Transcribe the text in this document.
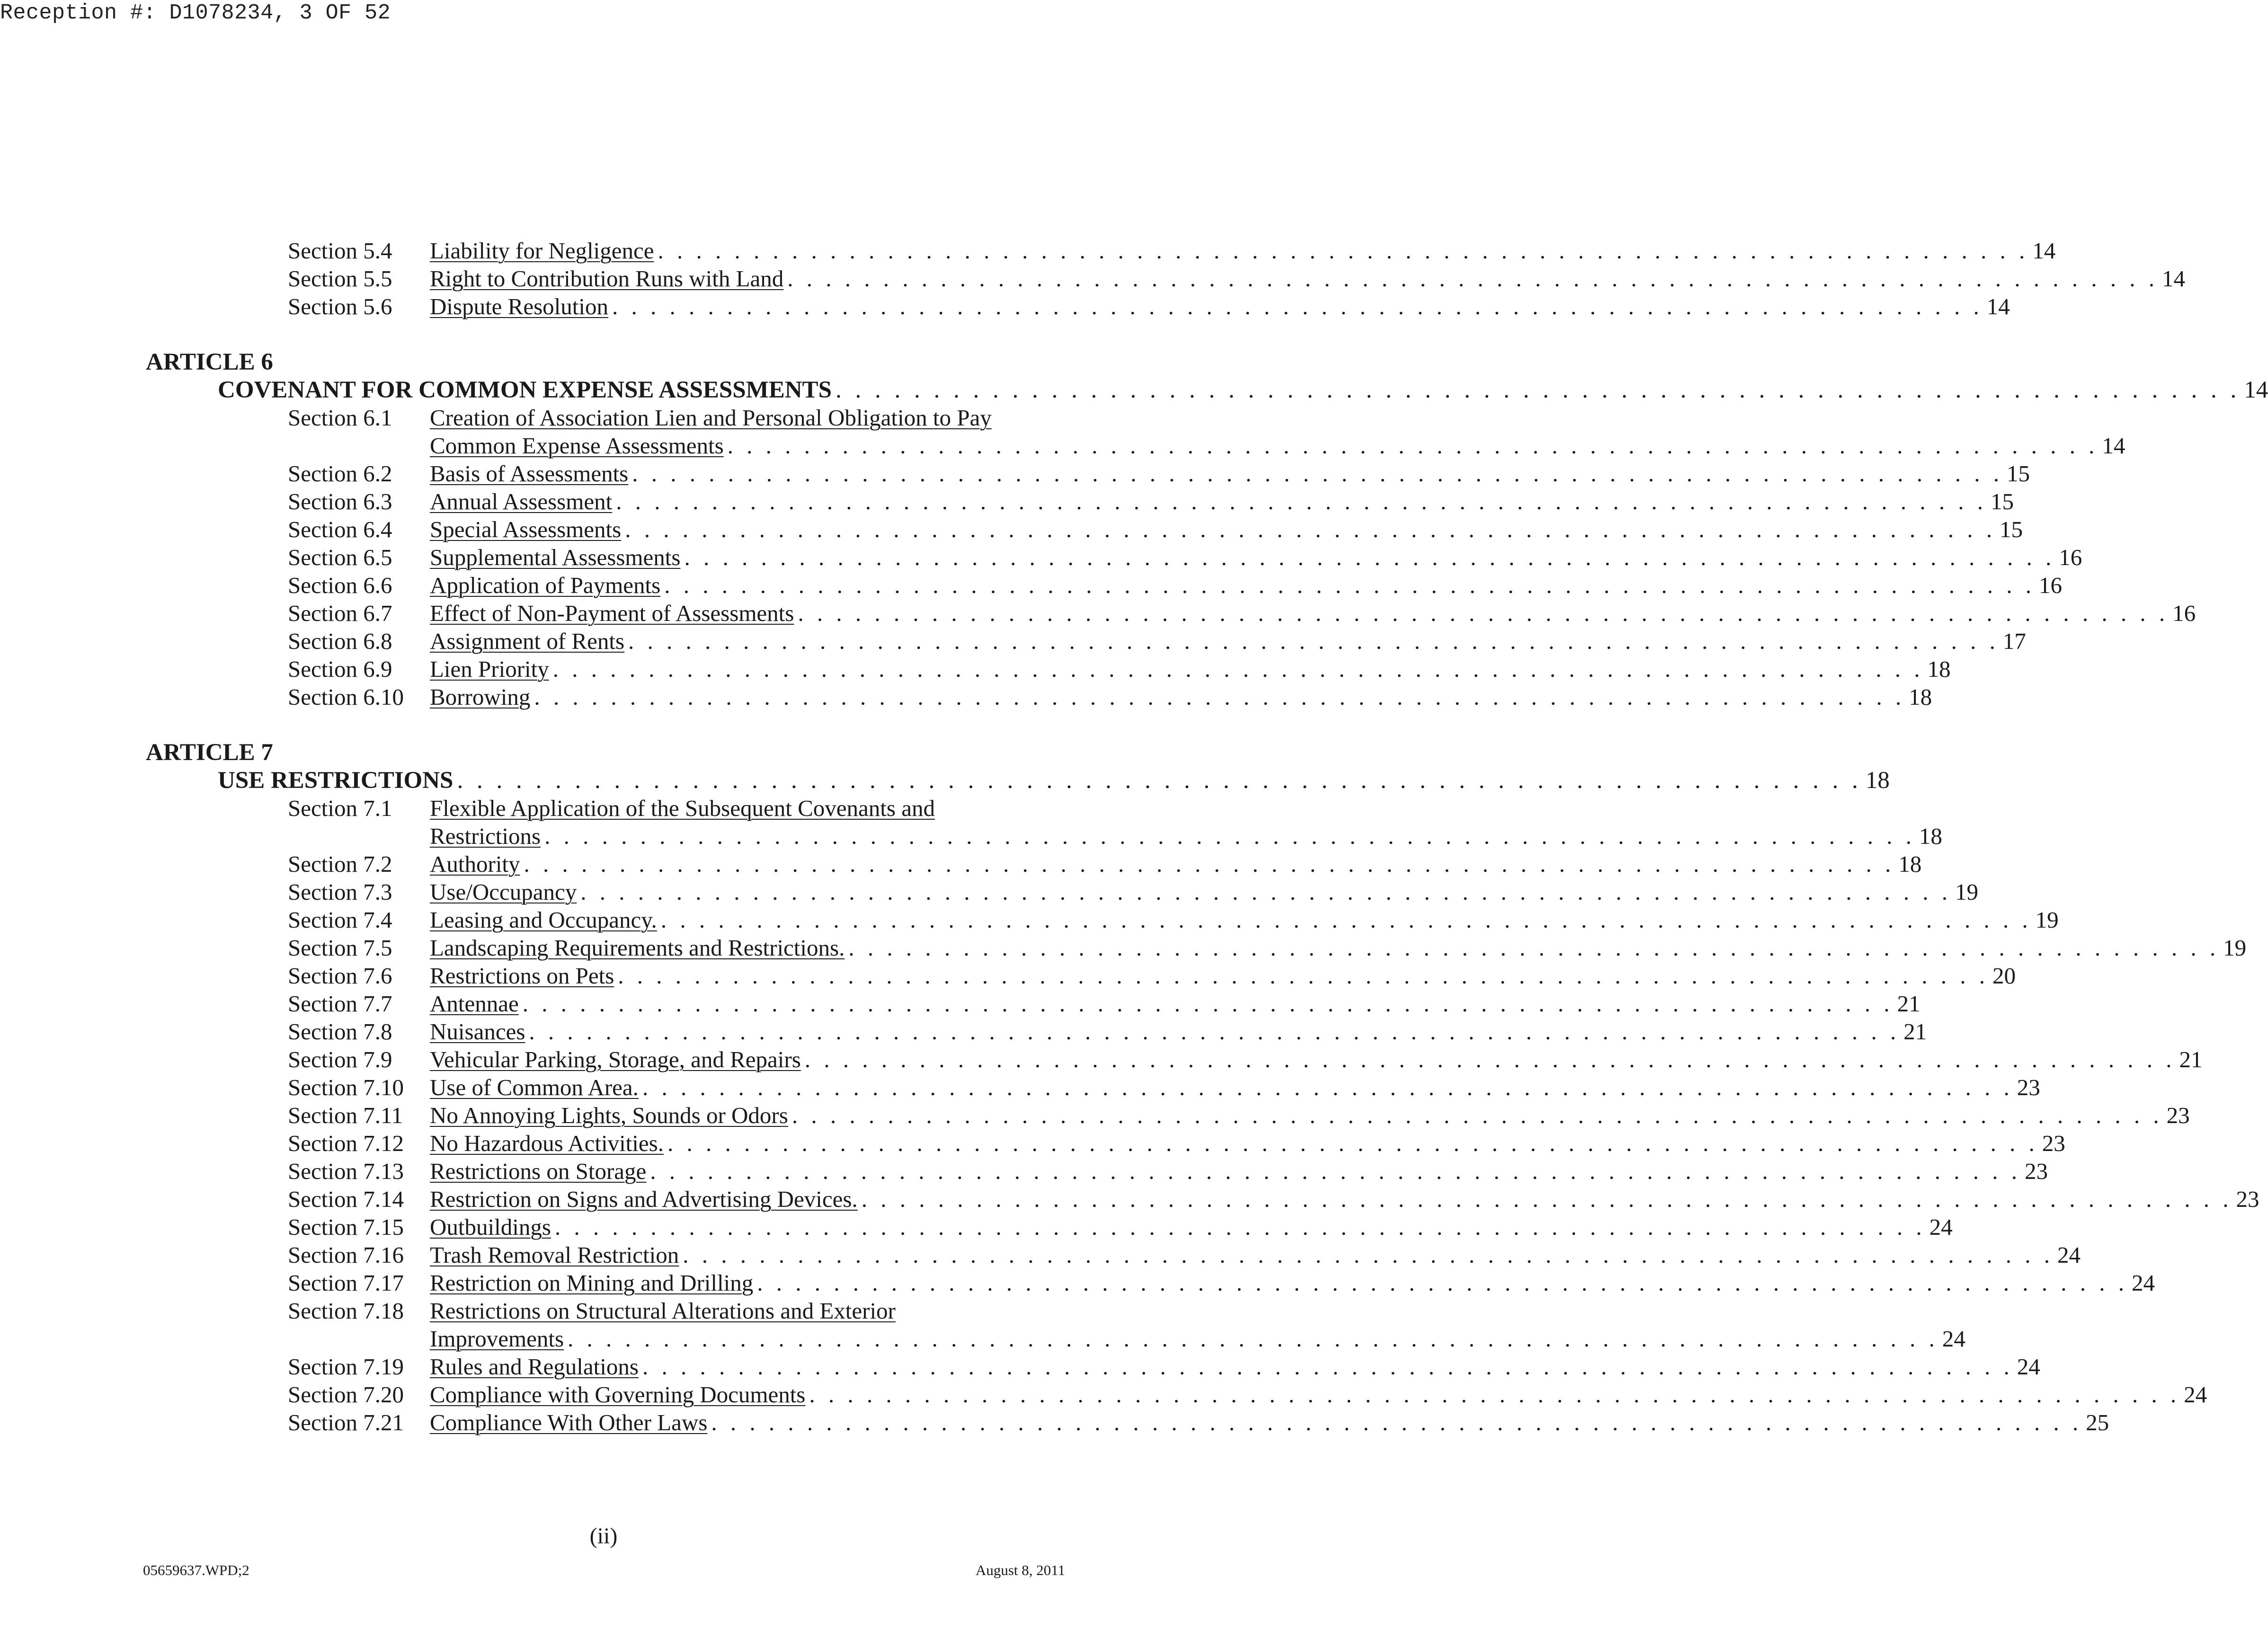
Reception #: D1078234, 3 OF 52
Section 5.4 Liability for Negligence . . . . . . . . . . . . . . . . . . . . . . . . . . . . . . . . . . . . . . . . . . . . . . . . . . . . . . . . . . . . . . . . . . . . . . . . 14
Section 5.5 Right to Contribution Runs with Land . . . . . . . . . . . . . . . . . . . . . . . . . . . . . . . . . . . . . . . . . . . . . . . . . . . . . . . . . . . . . . . . . . . . . . . . 14
Section 5.6 Dispute Resolution . . . . . . . . . . . . . . . . . . . . . . . . . . . . . . . . . . . . . . . . . . . . . . . . . . . . . . . . . . . . . . . . . . . . . . . . 14
ARTICLE 6
COVENANT FOR COMMON EXPENSE ASSESSMENTS . . . . . . . . . . . . . . . . . . . . . . . . . . . . . . . . . . . . . . . . . . . . . . . . . . . . . . . . . . . . . . . . . . . . . . . . 14
Section 6.1 Creation of Association Lien and Personal Obligation to Pay
Common Expense Assessments . . . . . . . . . . . . . . . . . . . . . . . . . . . . . . . . . . . . . . . . . . . . . . . . . . . . . . . . . . . . . . . . . . . . . . . . 14
Section 6.2 Basis of Assessments . . . . . . . . . . . . . . . . . . . . . . . . . . . . . . . . . . . . . . . . . . . . . . . . . . . . . . . . . . . . . . . . . . . . . . . . 15
Section 6.3 Annual Assessment . . . . . . . . . . . . . . . . . . . . . . . . . . . . . . . . . . . . . . . . . . . . . . . . . . . . . . . . . . . . . . . . . . . . . . . . 15
Section 6.4 Special Assessments . . . . . . . . . . . . . . . . . . . . . . . . . . . . . . . . . . . . . . . . . . . . . . . . . . . . . . . . . . . . . . . . . . . . . . . . 15
Section 6.5 Supplemental Assessments . . . . . . . . . . . . . . . . . . . . . . . . . . . . . . . . . . . . . . . . . . . . . . . . . . . . . . . . . . . . . . . . . . . . . . . . 16
Section 6.6 Application of Payments . . . . . . . . . . . . . . . . . . . . . . . . . . . . . . . . . . . . . . . . . . . . . . . . . . . . . . . . . . . . . . . . . . . . . . . . 16
Section 6.7 Effect of Non-Payment of Assessments . . . . . . . . . . . . . . . . . . . . . . . . . . . . . . . . . . . . . . . . . . . . . . . . . . . . . . . . . . . . . . . . . . . . . . . . 16
Section 6.8 Assignment of Rents . . . . . . . . . . . . . . . . . . . . . . . . . . . . . . . . . . . . . . . . . . . . . . . . . . . . . . . . . . . . . . . . . . . . . . . . 17
Section 6.9 Lien Priority . . . . . . . . . . . . . . . . . . . . . . . . . . . . . . . . . . . . . . . . . . . . . . . . . . . . . . . . . . . . . . . . . . . . . . . . 18
Section 6.10 Borrowing . . . . . . . . . . . . . . . . . . . . . . . . . . . . . . . . . . . . . . . . . . . . . . . . . . . . . . . . . . . . . . . . . . . . . . . . 18
ARTICLE 7
USE RESTRICTIONS . . . . . . . . . . . . . . . . . . . . . . . . . . . . . . . . . . . . . . . . . . . . . . . . . . . . . . . . . . . . . . . . . . . . . . . . 18
Section 7.1 Flexible Application of the Subsequent Covenants and
Restrictions . . . . . . . . . . . . . . . . . . . . . . . . . . . . . . . . . . . . . . . . . . . . . . . . . . . . . . . . . . . . . . . . . . . . . . . . 18
Section 7.2 Authority . . . . . . . . . . . . . . . . . . . . . . . . . . . . . . . . . . . . . . . . . . . . . . . . . . . . . . . . . . . . . . . . . . . . . . . . 18
Section 7.3 Use/Occupancy . . . . . . . . . . . . . . . . . . . . . . . . . . . . . . . . . . . . . . . . . . . . . . . . . . . . . . . . . . . . . . . . . . . . . . . . 19
Section 7.4 Leasing and Occupancy. . . . . . . . . . . . . . . . . . . . . . . . . . . . . . . . . . . . . . . . . . . . . . . . . . . . . . . . . . . . . . . . . . . . . . . . . 19
Section 7.5 Landscaping Requirements and Restrictions. . . . . . . . . . . . . . . . . . . . . . . . . . . . . . . . . . . . . . . . . . . . . . . . . . . . . . . . . . . . . . . . . . . . . . . . . 19
Section 7.6 Restrictions on Pets . . . . . . . . . . . . . . . . . . . . . . . . . . . . . . . . . . . . . . . . . . . . . . . . . . . . . . . . . . . . . . . . . . . . . . . . 20
Section 7.7 Antennae . . . . . . . . . . . . . . . . . . . . . . . . . . . . . . . . . . . . . . . . . . . . . . . . . . . . . . . . . . . . . . . . . . . . . . . . 21
Section 7.8 Nuisances . . . . . . . . . . . . . . . . . . . . . . . . . . . . . . . . . . . . . . . . . . . . . . . . . . . . . . . . . . . . . . . . . . . . . . . . 21
Section 7.9 Vehicular Parking, Storage, and Repairs . . . . . . . . . . . . . . . . . . . . . . . . . . . . . . . . . . . . . . . . . . . . . . . . . . . . . . . . . . . . . . . . . . . . . . . . 21
Section 7.10 Use of Common Area. . . . . . . . . . . . . . . . . . . . . . . . . . . . . . . . . . . . . . . . . . . . . . . . . . . . . . . . . . . . . . . . . . . . . . . . . 23
Section 7.11 No Annoying Lights, Sounds or Odors . . . . . . . . . . . . . . . . . . . . . . . . . . . . . . . . . . . . . . . . . . . . . . . . . . . . . . . . . . . . . . . . . . . . . . . . 23
Section 7.12 No Hazardous Activities. . . . . . . . . . . . . . . . . . . . . . . . . . . . . . . . . . . . . . . . . . . . . . . . . . . . . . . . . . . . . . . . . . . . . . . . . 23
Section 7.13 Restrictions on Storage . . . . . . . . . . . . . . . . . . . . . . . . . . . . . . . . . . . . . . . . . . . . . . . . . . . . . . . . . . . . . . . . . . . . . . . . 23
Section 7.14 Restriction on Signs and Advertising Devices. . . . . . . . . . . . . . . . . . . . . . . . . . . . . . . . . . . . . . . . . . . . . . . . . . . . . . . . . . . . . . . . . . . . . . . . . 23
Section 7.15 Outbuildings . . . . . . . . . . . . . . . . . . . . . . . . . . . . . . . . . . . . . . . . . . . . . . . . . . . . . . . . . . . . . . . . . . . . . . . . 24
Section 7.16 Trash Removal Restriction . . . . . . . . . . . . . . . . . . . . . . . . . . . . . . . . . . . . . . . . . . . . . . . . . . . . . . . . . . . . . . . . . . . . . . . . 24
Section 7.17 Restriction on Mining and Drilling . . . . . . . . . . . . . . . . . . . . . . . . . . . . . . . . . . . . . . . . . . . . . . . . . . . . . . . . . . . . . . . . . . . . . . . . 24
Section 7.18 Restrictions on Structural Alterations and Exterior
Improvements . . . . . . . . . . . . . . . . . . . . . . . . . . . . . . . . . . . . . . . . . . . . . . . . . . . . . . . . . . . . . . . . . . . . . . . . 24
Section 7.19 Rules and Regulations . . . . . . . . . . . . . . . . . . . . . . . . . . . . . . . . . . . . . . . . . . . . . . . . . . . . . . . . . . . . . . . . . . . . . . . . 24
Section 7.20 Compliance with Governing Documents . . . . . . . . . . . . . . . . . . . . . . . . . . . . . . . . . . . . . . . . . . . . . . . . . . . . . . . . . . . . . . . . . . . . . . . . 24
Section 7.21 Compliance With Other Laws . . . . . . . . . . . . . . . . . . . . . . . . . . . . . . . . . . . . . . . . . . . . . . . . . . . . . . . . . . . . . . . . . . . . . . . . 25
(ii)
05659637.WPD;2	August 8, 2011
